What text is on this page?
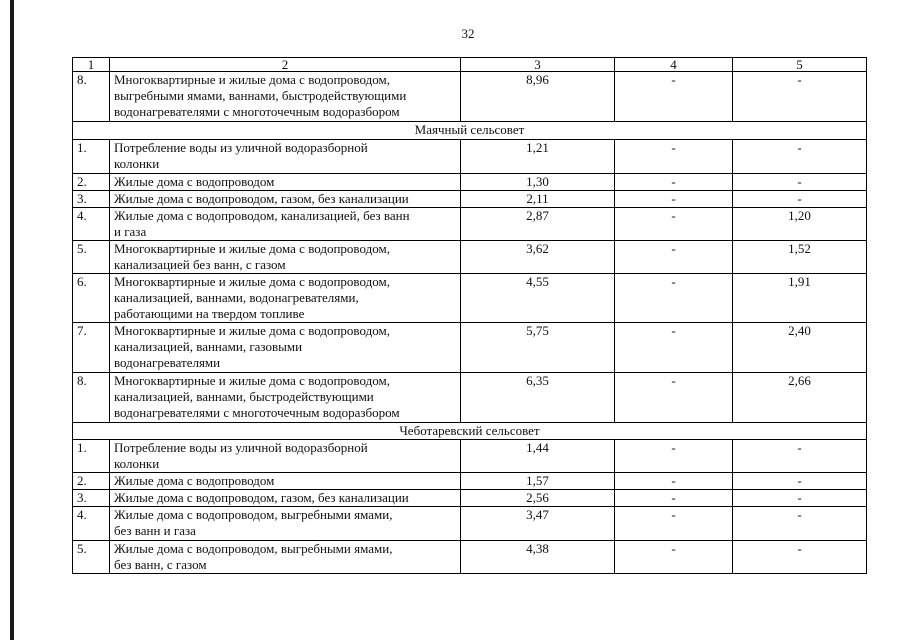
32
1	2	3	4	5
8.	Многоквартирные и жилые дома с водопроводом,
выгребными ямами, ваннами, быстродействующими
водонагревателями с многоточечным водоразбором	8,96	-	-
Маячный сельсовет				
1.	Потребление воды из уличной водоразборной
колонки	1,21	-	-
2.	Жилые дома с водопроводом	1,30	-	-
3.	Жилые дома с водопроводом, газом, без канализации	2,11	-	-
4.	Жилые дома с водопроводом, канализацией, без ванн
и газа	2,87	-	1,20
5.	Многоквартирные и жилые дома с водопроводом,
канализацией без ванн, с газом	3,62	-	1,52
6.	Многоквартирные и жилые дома с водопроводом,
канализацией, ваннами, водонагревателями,
работающими на твердом топливе	4,55	-	1,91
7.	Многоквартирные и жилые дома с водопроводом,
канализацией, ваннами, газовыми
водонагревателями	5,75	-	2,40
8.	Многоквартирные и жилые дома с водопроводом,
канализацией, ваннами, быстродействующими
водонагревателями с многоточечным водоразбором	6,35	-	2,66
Чеботаревский сельсовет				
1.	Потребление воды из уличной водоразборной
колонки	1,44	-	-
2.	Жилые дома с водопроводом	1,57	-	-
3.	Жилые дома с водопроводом, газом, без канализации	2,56	-	-
4.	Жилые дома с водопроводом, выгребными ямами,
без ванн и газа	3,47	-	-
5.	Жилые дома с водопроводом, выгребными ямами,
без ванн, с газом	4,38	-	-
